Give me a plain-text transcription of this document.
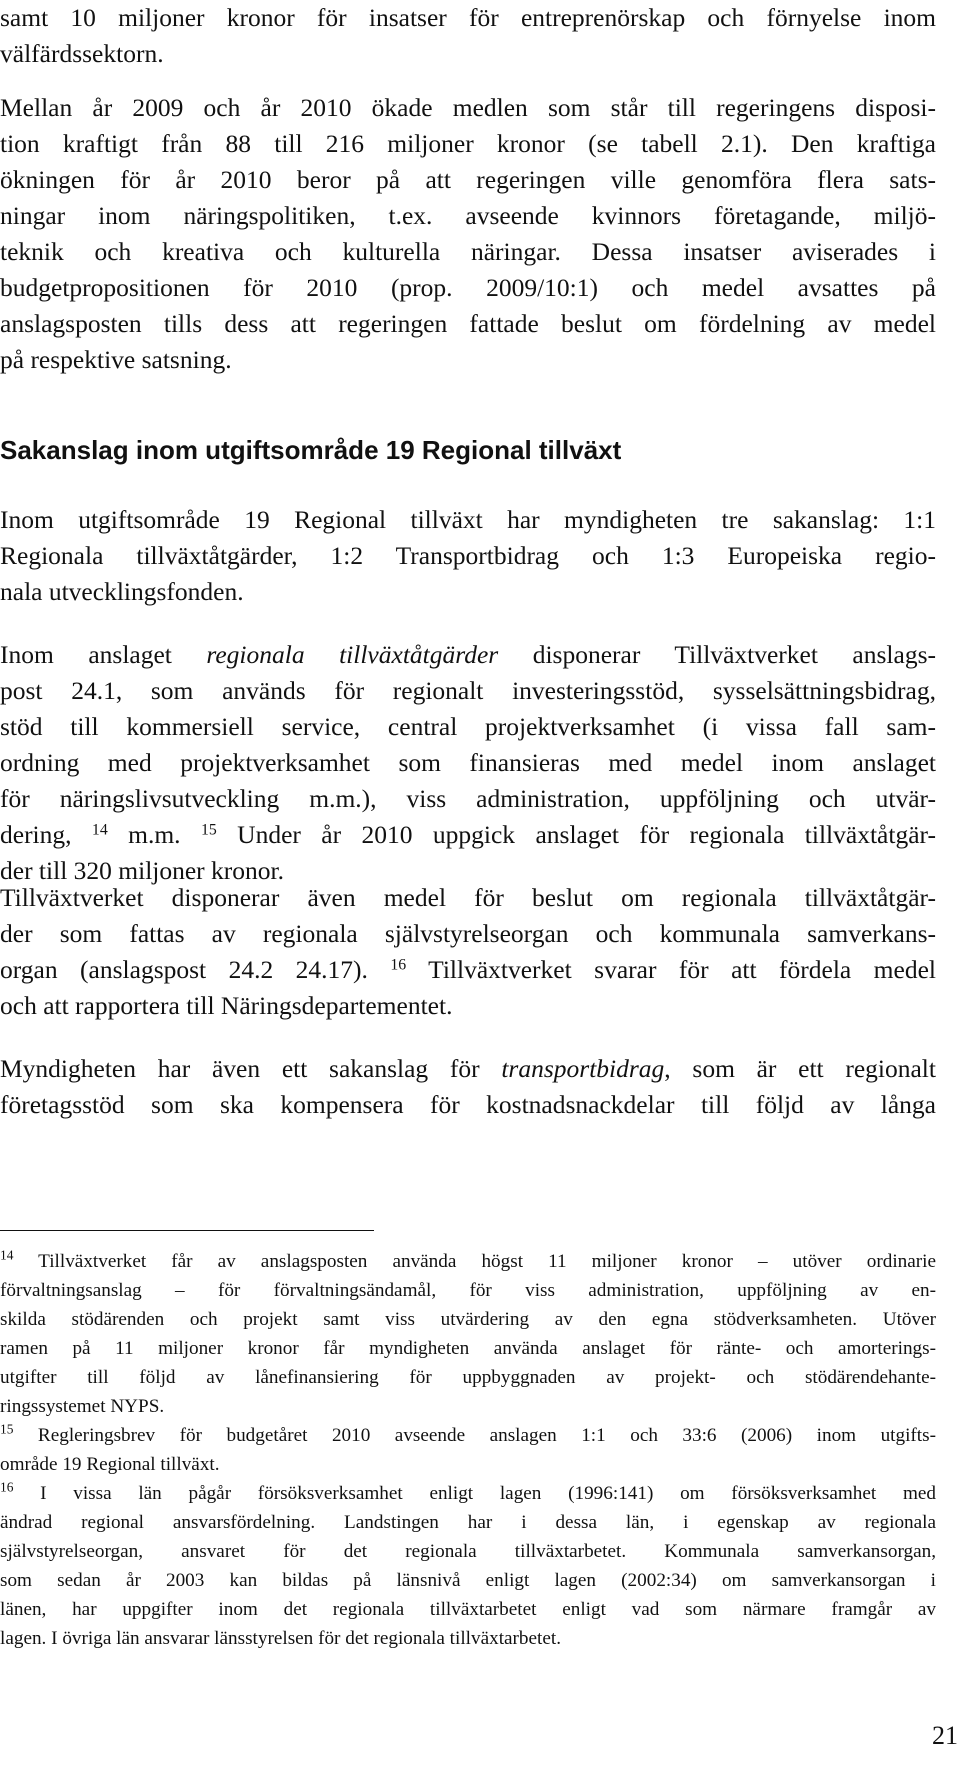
samt 10 miljoner kronor för insatser för entreprenörskap och förnyelse inom
välfärdssektorn.
Mellan år 2009 och år 2010 ökade medlen som står till regeringens disposi-
tion kraftigt från 88 till 216 miljoner kronor (se tabell 2.1). Den kraftiga
ökningen för år 2010 beror på att regeringen ville genomföra flera sats-
ningar inom näringspolitiken, t.ex. avseende kvinnors företagande, miljö-
teknik och kreativa och kulturella näringar. Dessa insatser aviserades i
budgetpropositionen för 2010 (prop. 2009/10:1) och medel avsattes på
anslagsposten tills dess att regeringen fattade beslut om fördelning av medel
på respektive satsning.
Sakanslag inom utgiftsområde 19 Regional tillväxt
Inom utgiftsområde 19 Regional tillväxt har myndigheten tre sakanslag: 1:1
Regionala tillväxtåtgärder, 1:2 Transportbidrag och 1:3 Europeiska regio-
nala utvecklingsfonden.
Inom anslaget regionala tillväxtåtgärder disponerar Tillväxtverket anslags-
post 24.1, som används för regionalt investeringsstöd, sysselsättningsbidrag,
stöd till kommersiell service, central projektverksamhet (i vissa fall sam-
ordning med projektverksamhet som finansieras med medel inom anslaget
för näringslivsutveckling m.m.), viss administration, uppföljning och utvär-
dering, $^{14}$ m.m. $^{15}$ Under år 2010 uppgick anslaget för regionala tillväxtåtgär-
der till 320 miljoner kronor.
Tillväxtverket disponerar även medel för beslut om regionala tillväxtåtgär-
der som fattas av regionala självstyrelseorgan och kommunala samverkans-
organ (anslagspost 24.2 24.17). $^{16}$ Tillväxtverket svarar för att fördela medel
och att rapportera till Näringsdepartementet.
Myndigheten har även ett sakanslag för transportbidrag, som är ett regionalt
företagsstöd som ska kompensera för kostnadsnackdelar till följd av långa
$^{14}$ Tillväxtverket får av anslagsposten använda högst 11 miljoner kronor – utöver ordinarie
förvaltningsanslag – för förvaltningsändamål, för viss administration, uppföljning av en-
skilda stödärenden och projekt samt viss utvärdering av den egna stödverksamheten. Utöver
ramen på 11 miljoner kronor får myndigheten använda anslaget för ränte- och amorterings-
utgifter till följd av lånefinansiering för uppbyggnaden av projekt- och stödärendehante-
ringssystemet NYPS.
$^{15}$ Regleringsbrev för budgetåret 2010 avseende anslagen 1:1 och 33:6 (2006) inom utgifts-
område 19 Regional tillväxt.
$^{16}$ I vissa län pågår försöksverksamhet enligt lagen (1996:141) om försöksverksamhet med
ändrad regional ansvarsfördelning. Landstingen har i dessa län, i egenskap av regionala
självstyrelseorgan, ansvaret för det regionala tillväxtarbetet. Kommunala samverkansorgan,
som sedan år 2003 kan bildas på länsnivå enligt lagen (2002:34) om samverkansorgan i
länen, har uppgifter inom det regionala tillväxtarbetet enligt vad som närmare framgår av
lagen. I övriga län ansvarar länsstyrelsen för det regionala tillväxtarbetet.
21
